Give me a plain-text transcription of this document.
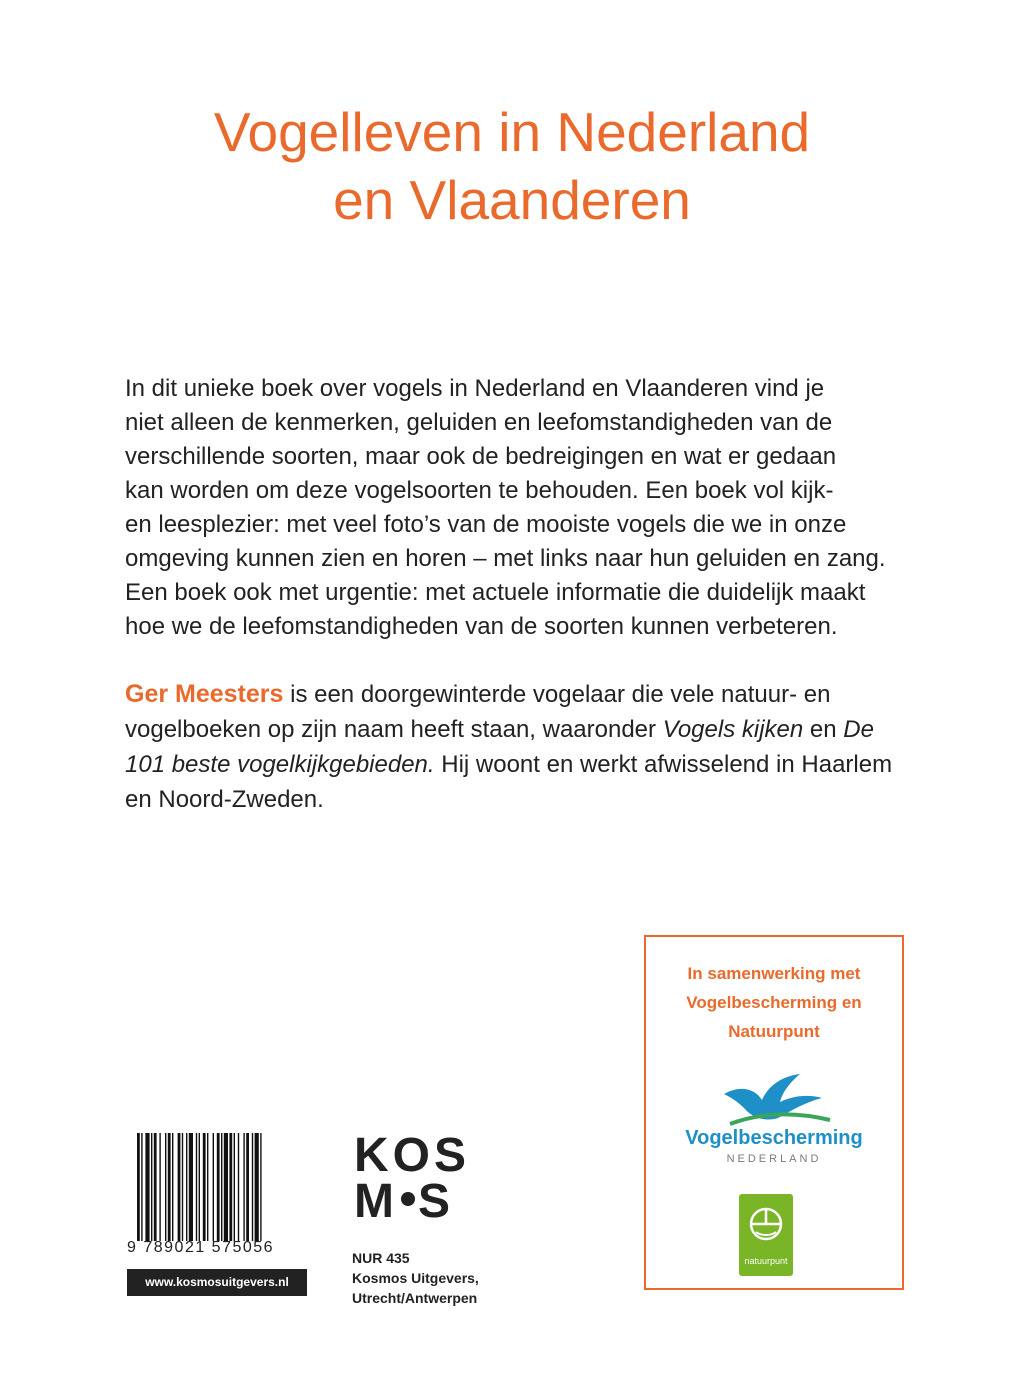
Vogelleven in Nederland
en Vlaanderen
In dit unieke boek over vogels in Nederland en Vlaanderen vind je
niet alleen de kenmerken, geluiden en leefomstandigheden van de
verschillende soorten, maar ook de bedreigingen en wat er gedaan
kan worden om deze vogelsoorten te behouden. Een boek vol kijk-
en leesplezier: met veel foto’s van de mooiste vogels die we in onze
omgeving kunnen zien en horen – met links naar hun geluiden en zang.
Een boek ook met urgentie: met actuele informatie die duidelijk maakt
hoe we de leefomstandigheden van de soorten kunnen verbeteren.
Ger Meesters is een doorgewinterde vogelaar die vele natuur- en
vogelboeken op zijn naam heeft staan, waaronder Vogels kijken en De
101 beste vogelkijkgebieden. Hij woont en werkt afwisselend in Haarlem
en Noord-Zweden.
9 789021 575056
www.kosmosuitgevers.nl
KOS
M S
NUR 435
Kosmos Uitgevers,
Utrecht/Antwerpen
In samenwerking met
Vogelbescherming en
Natuurpunt
Vogelbescherming
NEDERLAND
natuurpunt
